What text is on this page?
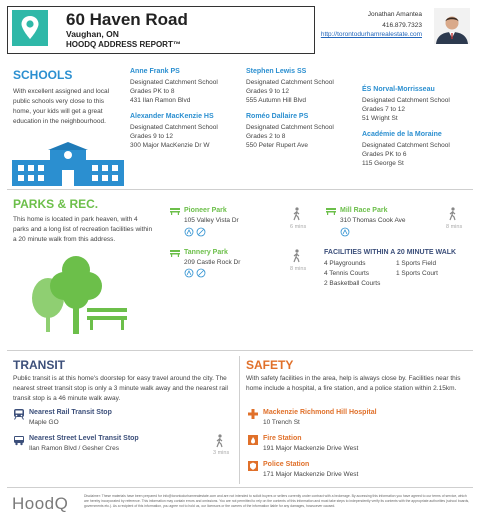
60 Haven Road
Vaughan, ON
HOODQ ADDRESS REPORT™
Jonathan Amantea
416.879.7323
http://torontodurhamrealestate.com
SCHOOLS
With excellent assigned and local public schools very close to this home, your kids will get a great education in the neighbourhood.
Anne Frank PS
Designated Catchment School
Grades PK to 8
431 Ilan Ramon Blvd
Alexander MacKenzie HS
Designated Catchment School
Grades 9 to 12
300 Major MacKenzie Dr W
Stephen Lewis SS
Designated Catchment School
Grades 9 to 12
555 Autumn Hill Blvd
Roméo Dallaire PS
Designated Catchment School
Grades 2 to 8
550 Peter Rupert Ave
ÉS Norval-Morrisseau
Designated Catchment School
Grades 7 to 12
51 Wright St
Académie de la Moraine
Designated Catchment School
Grades PK to 6
115 George St
PARKS & REC.
This home is located in park heaven, with 4 parks and a long list of recreation facilities within a 20 minute walk from this address.
Pioneer Park
105 Valley Vista Dr
6 mins
Mill Race Park
310 Thomas Cook Ave
8 mins
Tannery Park
209 Castle Rock Dr
8 mins
FACILITIES WITHIN A 20 MINUTE WALK
4 Playgrounds	1 Sports Field
4 Tennis Courts	1 Sports Court
2 Basketball Courts
TRANSIT
Public transit is at this home's doorstep for easy travel around the city. The nearest street transit stop is only a 3 minute walk away and the nearest rail transit stop is a 46 minute walk away.
Nearest Rail Transit Stop
Maple GO
Nearest Street Level Transit Stop
Ilan Ramon Blvd / Gesher Cres
3 mins
SAFETY
With safety facilities in the area, help is always close by. Facilities near this home include a hospital, a fire station, and a police station within 2.15km.
Mackenzie Richmond Hill Hospital
10 Trench St
Fire Station
191 Major Mackenzie Drive West
Police Station
171 Major Mackenzie Drive West
HoodQ	Disclaimer: These materials have been prepared for info@torontodurhamrealestate.com and are not intended to solicit buyers or sellers currently under contract with a brokerage. By accessing this information you have agreed to our terms of service, which are hereby incorporated by reference. This information may contain errors and omissions. You are not permitted to rely on the contents of this information and must take steps to independently verify its contents with the appropriate authorities (school boards, governments etc.). As a recipient of this information, you agree not to hold us, our licensors or the owners of the information liable for any damages, howsoever caused.
